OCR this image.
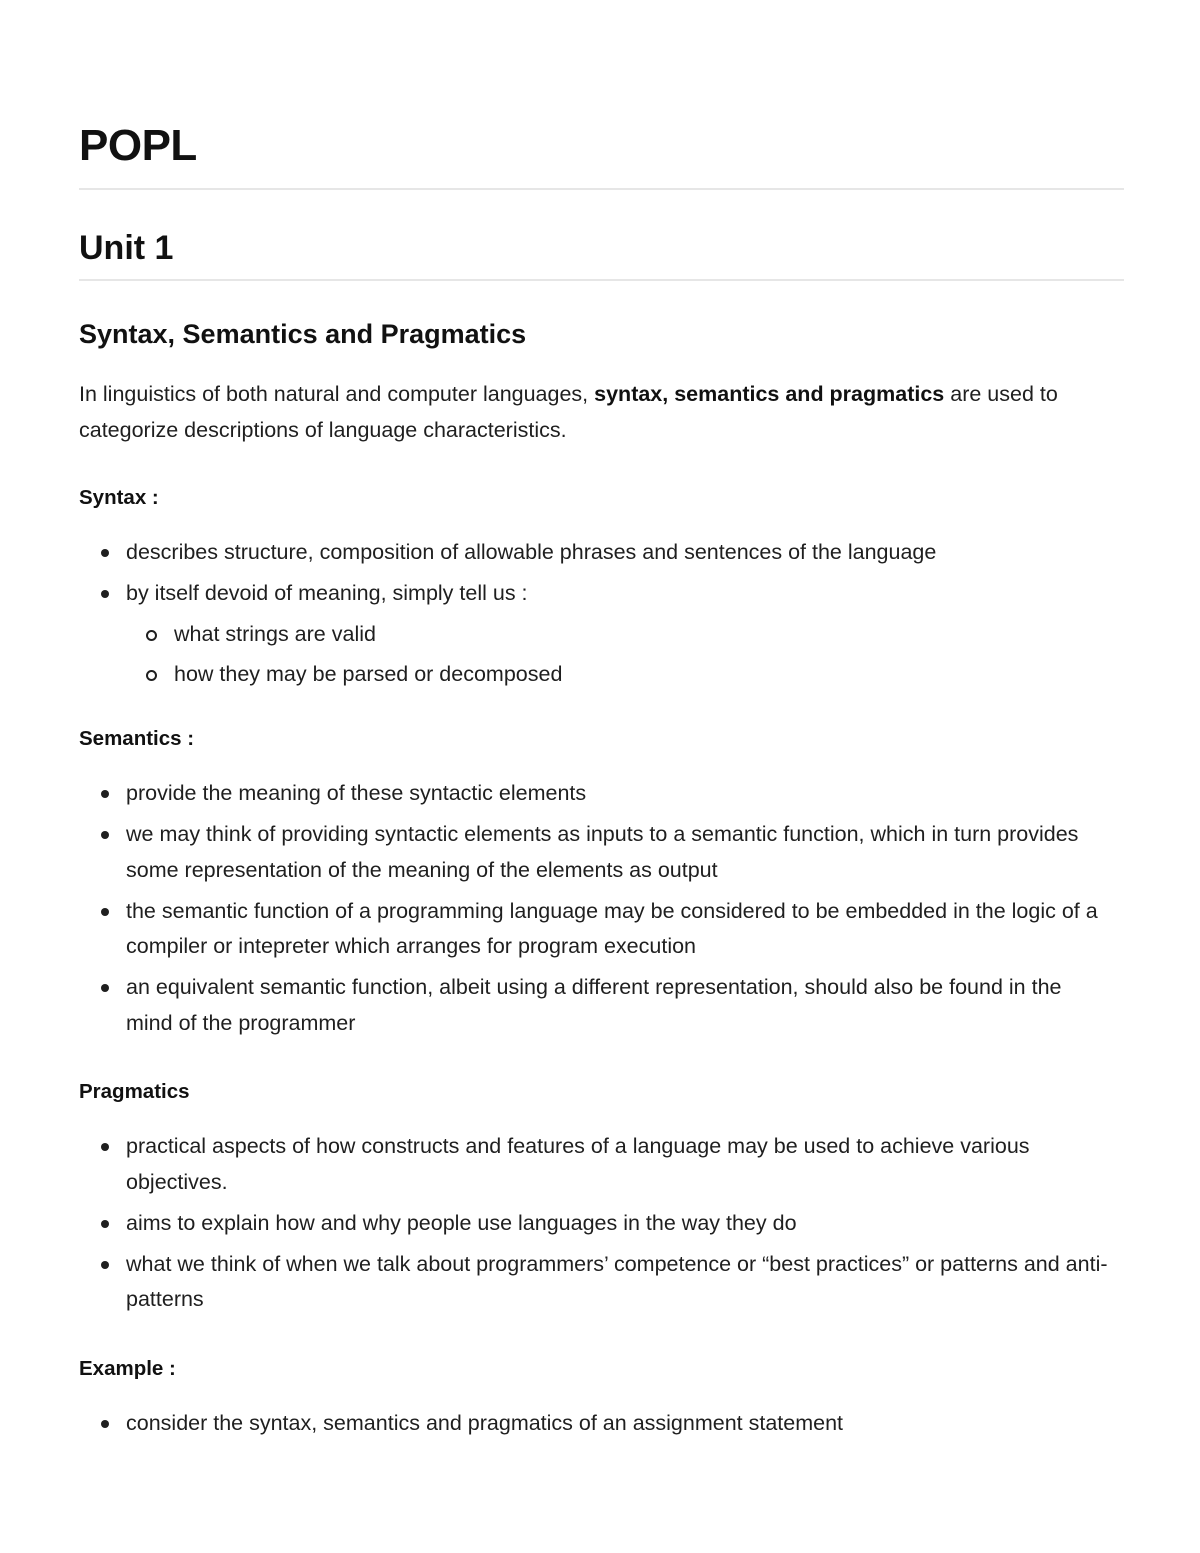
POPL
Unit 1
Syntax, Semantics and Pragmatics

In linguistics of both natural and computer languages, syntax, semantics and pragmatics are used to categorize descriptions of language characteristics.

Syntax :
describes structure, composition of allowable phrases and sentences of the language
by itself devoid of meaning, simply tell us :
what strings are valid
how they may be parsed or decomposed
Semantics :
provide the meaning of these syntactic elements
we may think of providing syntactic elements as inputs to a semantic function, which in turn provides some representation of the meaning of the elements as output
the semantic function of a programming language may be considered to be embedded in the logic of a compiler or intepreter which arranges for program execution
an equivalent semantic function, albeit using a different representation, should also be found in the mind of the programmer
Pragmatics
practical aspects of how constructs and features of a language may be used to achieve various objectives.
aims to explain how and why people use languages in the way they do
what we think of when we talk about programmers’ competence or “best practices” or patterns and anti-patterns
Example :
consider the syntax, semantics and pragmatics of an assignment statement
